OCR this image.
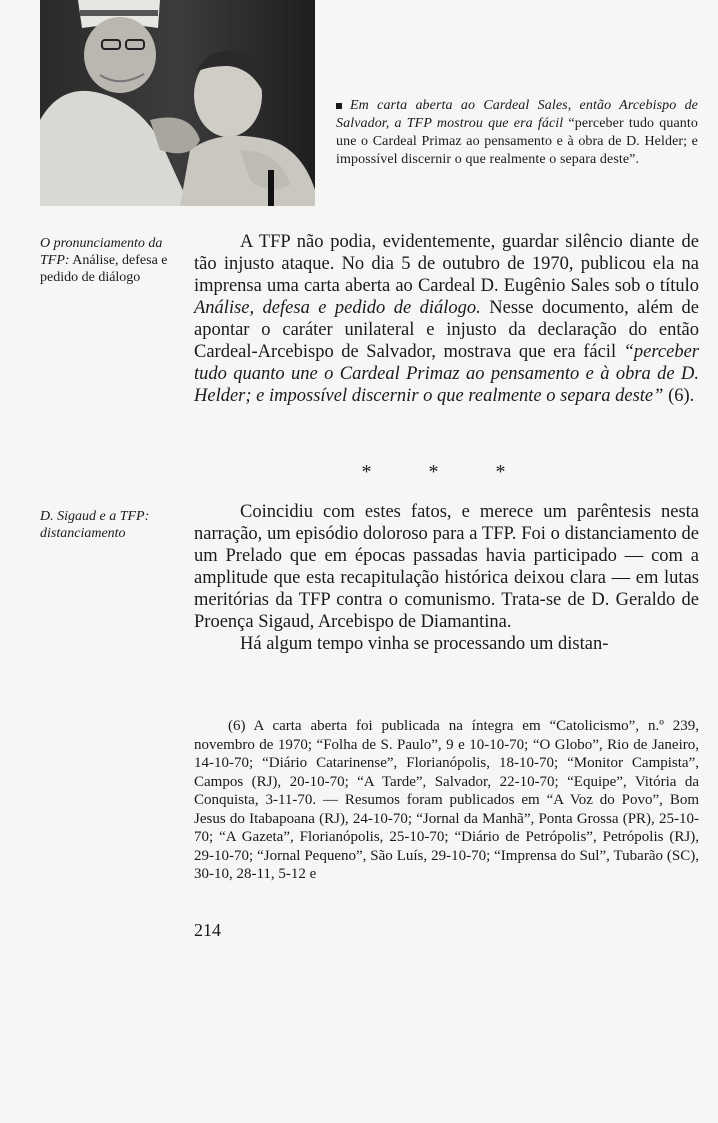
Em carta aberta ao Cardeal Sales, então Arcebispo de Salvador, a TFP mostrou que era fácil “perceber tudo quanto une o Cardeal Primaz ao pensamento e à obra de D. Helder; e impossível discernir o que realmente o separa deste”.
O pronunciamento da TFP: Análise, defesa e pedido de diálogo
D. Sigaud e a TFP: distanciamento

A TFP não podia, evidentemente, guardar silêncio diante de tão injusto ataque. No dia 5 de outubro de 1970, publicou ela na imprensa uma carta aberta ao Cardeal D. Eugênio Sales sob o título Análise, defesa e pedido de diálogo. Nesse documento, além de apontar o caráter unilateral e injusto da declaração do então Cardeal-Arcebispo de Salvador, mostrava que era fácil “perceber tudo quanto une o Cardeal Primaz ao pensamento e à obra de D. Helder; e impossível discernir o que realmente o separa deste” (6).

* * *

Coincidiu com estes fatos, e merece um parêntesis nesta narração, um episódio doloroso para a TFP. Foi o distanciamento de um Prelado que em épocas passadas havia participado — com a amplitude que esta recapitulação histórica deixou clara — em lutas meritórias da TFP contra o comunismo. Trata-se de D. Geraldo de Proença Sigaud, Arcebispo de Diamantina.

Há algum tempo vinha se processando um distan-

(6) A carta aberta foi publicada na íntegra em “Catolicismo”, n.º 239, novembro de 1970; “Folha de S. Paulo”, 9 e 10-10-70; “O Globo”, Rio de Janeiro, 14-10-70; “Diário Catarinense”, Florianópolis, 18-10-70; “Monitor Campista”, Campos (RJ), 20-10-70; “A Tarde”, Salvador, 22-10-70; “Equipe”, Vitória da Conquista, 3-11-70. — Resumos foram publicados em “A Voz do Povo”, Bom Jesus do Itabapoana (RJ), 24-10-70; “Jornal da Manhã”, Ponta Grossa (PR), 25-10-70; “A Gazeta”, Florianópolis, 25-10-70; “Diário de Petrópolis”, Petrópolis (RJ), 29-10-70; “Jornal Pequeno”, São Luís, 29-10-70; “Imprensa do Sul”, Tubarão (SC), 30-10, 28-11, 5-12 e

214
